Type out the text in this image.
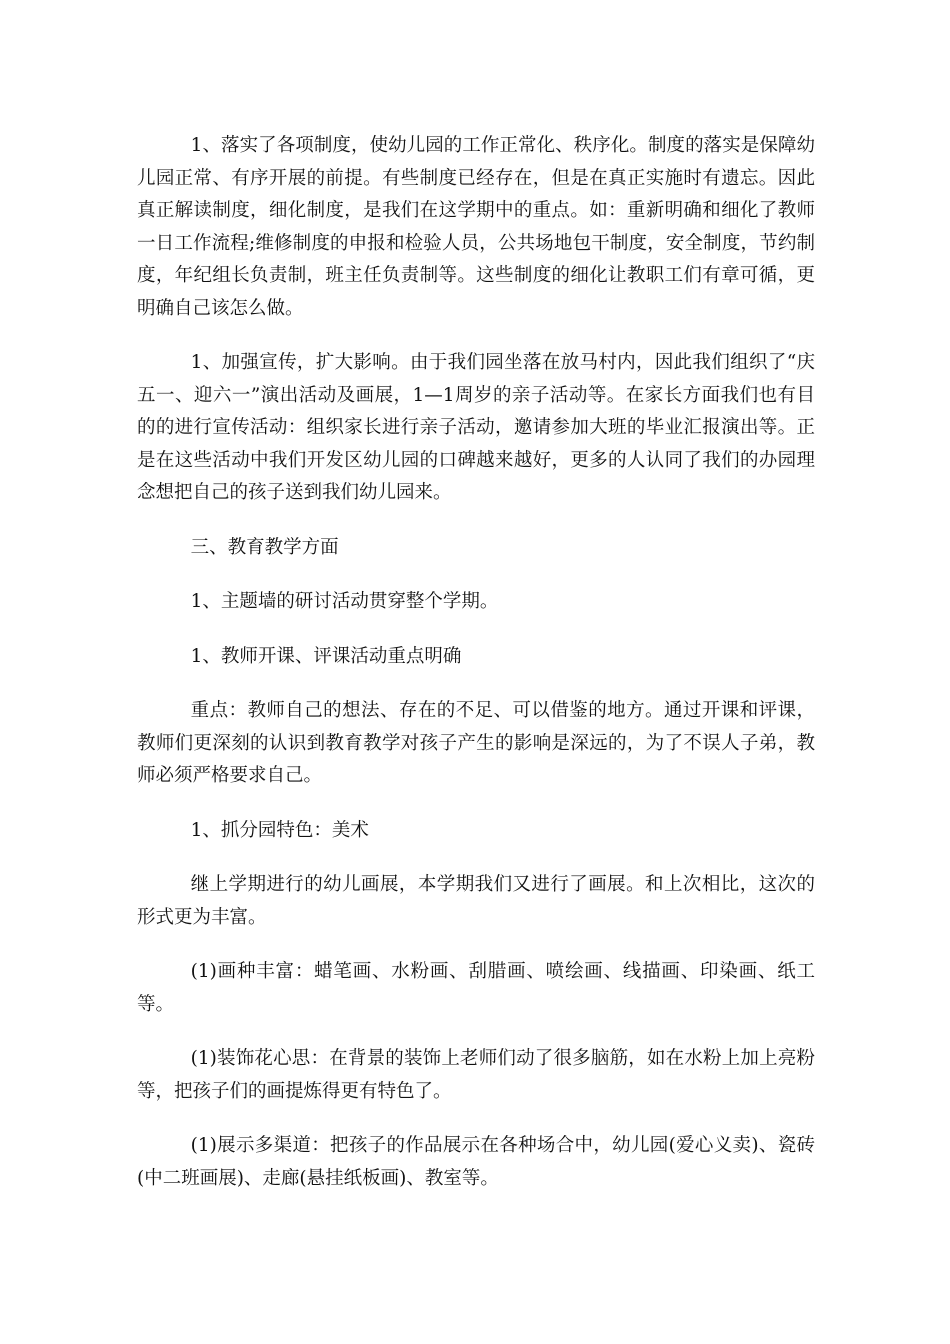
1、落实了各项制度，使幼儿园的工作正常化、秩序化。制度的落实是保障幼儿园正常、有序开展的前提。有些制度已经存在，但是在真正实施时有遗忘。因此真正解读制度，细化制度，是我们在这学期中的重点。如：重新明确和细化了教师一日工作流程;维修制度的申报和检验人员，公共场地包干制度，安全制度，节约制度，年纪组长负责制，班主任负责制等。这些制度的细化让教职工们有章可循，更明确自己该怎么做。

1、加强宣传，扩大影响。由于我们园坐落在放马村内，因此我们组织了“庆五一、迎六一”演出活动及画展，1—1周岁的亲子活动等。在家长方面我们也有目的的进行宣传活动：组织家长进行亲子活动，邀请参加大班的毕业汇报演出等。正是在这些活动中我们开发区幼儿园的口碑越来越好，更多的人认同了我们的办园理念想把自己的孩子送到我们幼儿园来。

三、教育教学方面

1、主题墙的研讨活动贯穿整个学期。

1、教师开课、评课活动重点明确

重点：教师自己的想法、存在的不足、可以借鉴的地方。通过开课和评课，教师们更深刻的认识到教育教学对孩子产生的影响是深远的，为了不误人子弟，教师必须严格要求自己。

1、抓分园特色：美术

继上学期进行的幼儿画展，本学期我们又进行了画展。和上次相比，这次的形式更为丰富。

(1)画种丰富：蜡笔画、水粉画、刮腊画、喷绘画、线描画、印染画、纸工等。

(1)装饰花心思：在背景的装饰上老师们动了很多脑筋，如在水粉上加上亮粉等，把孩子们的画提炼得更有特色了。

(1)展示多渠道：把孩子的作品展示在各种场合中，幼儿园(爱心义卖)、瓷砖(中二班画展)、走廊(悬挂纸板画)、教室等。
